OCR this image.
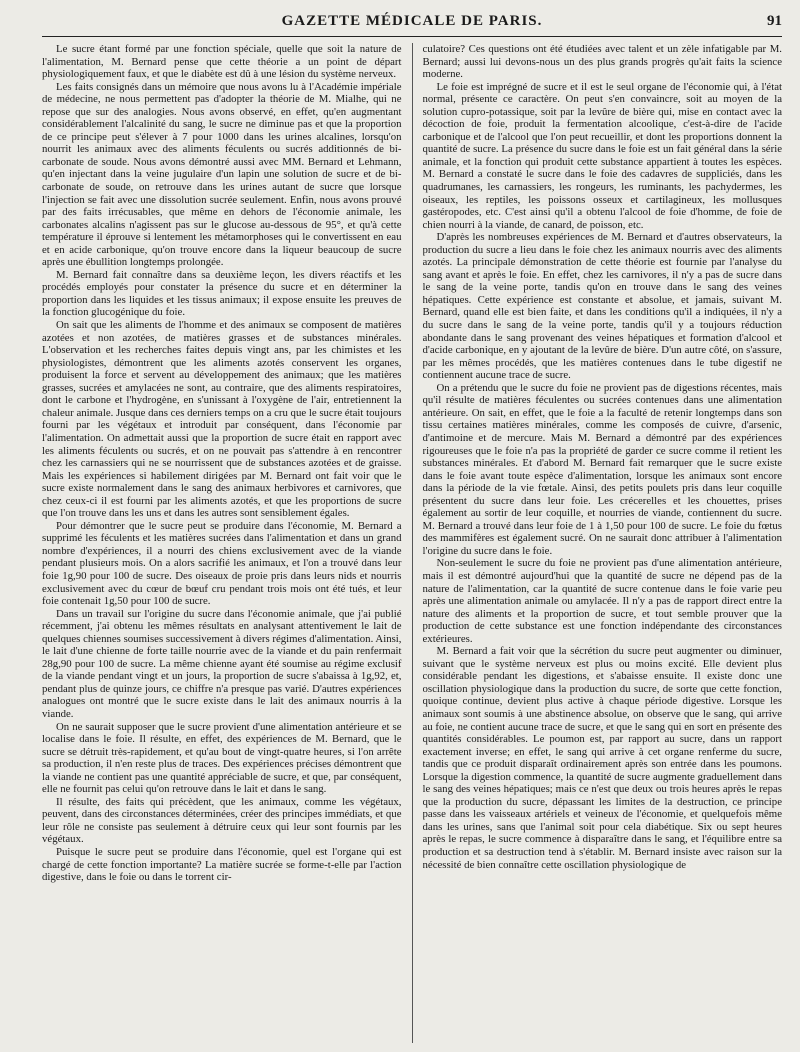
GAZETTE MÉDICALE DE PARIS.	91

Le sucre étant formé par une fonction spéciale, quelle que soit la nature de l'alimentation, M. Bernard pense que cette théorie a un point de départ physiologiquement faux, et que le diabète est dû à une lésion du système nerveux.

Les faits consignés dans un mémoire que nous avons lu à l'Académie impériale de médecine, ne nous permettent pas d'adopter la théorie de M. Mialhe, qui ne repose que sur des analogies. Nous avons observé, en effet, qu'en augmentant considérablement l'alcalinité du sang, le sucre ne diminue pas et que la proportion de ce principe peut s'élever à 7 pour 1000 dans les urines alcalines, lorsqu'on nourrit les animaux avec des aliments féculents ou sucrés additionnés de bi-carbonate de soude. Nous avons démontré aussi avec MM. Bernard et Lehmann, qu'en injectant dans la veine jugulaire d'un lapin une solution de sucre et de bi-carbonate de soude, on retrouve dans les urines autant de sucre que lorsque l'injection se fait avec une dissolution sucrée seulement. Enfin, nous avons prouvé par des faits irrécusables, que même en dehors de l'économie animale, les carbonates alcalins n'agissent pas sur le glucose au-dessous de 95°, et qu'à cette température il éprouve si lentement les métamorphoses qui le convertissent en eau et en acide carbonique, qu'on trouve encore dans la liqueur beaucoup de sucre après une ébullition longtemps prolongée.

M. Bernard fait connaître dans sa deuxième leçon, les divers réactifs et les procédés employés pour constater la présence du sucre et en déterminer la proportion dans les liquides et les tissus animaux; il expose ensuite les preuves de la fonction glucogénique du foie.

On sait que les aliments de l'homme et des animaux se composent de matières azotées et non azotées, de matières grasses et de substances minérales. L'observation et les recherches faites depuis vingt ans, par les chimistes et les physiologistes, démontrent que les aliments azotés conservent les organes, produisent la force et servent au développement des animaux; que les matières grasses, sucrées et amylacées ne sont, au contraire, que des aliments respiratoires, dont le carbone et l'hydrogène, en s'unissant à l'oxygène de l'air, entretiennent la chaleur animale. Jusque dans ces derniers temps on a cru que le sucre était toujours fourni par les végétaux et introduit par conséquent, dans l'économie par l'alimentation. On admettait aussi que la proportion de sucre était en rapport avec les aliments féculents ou sucrés, et on ne pouvait pas s'attendre à en rencontrer chez les carnassiers qui ne se nourrissent que de substances azotées et de graisse. Mais les expériences si habilement dirigées par M. Bernard ont fait voir que le sucre existe normalement dans le sang des animaux herbivores et carnivores, que chez ceux-ci il est fourni par les aliments azotés, et que les proportions de sucre que l'on trouve dans les uns et dans les autres sont sensiblement égales.

Pour démontrer que le sucre peut se produire dans l'économie, M. Bernard a supprimé les féculents et les matières sucrées dans l'alimentation et dans un grand nombre d'expériences, il a nourri des chiens exclusivement avec de la viande pendant plusieurs mois. On a alors sacrifié les animaux, et l'on a trouvé dans leur foie 1g,90 pour 100 de sucre. Des oiseaux de proie pris dans leurs nids et nourris exclusivement avec du cœur de bœuf cru pendant trois mois ont été tués, et leur foie contenait 1g,50 pour 100 de sucre.

Dans un travail sur l'origine du sucre dans l'économie animale, que j'ai publié récemment, j'ai obtenu les mêmes résultats en analysant attentivement le lait de quelques chiennes soumises successivement à divers régimes d'alimentation. Ainsi, le lait d'une chienne de forte taille nourrie avec de la viande et du pain renfermait 28g,90 pour 100 de sucre. La même chienne ayant été soumise au régime exclusif de la viande pendant vingt et un jours, la proportion de sucre s'abaissa à 1g,92, et, pendant plus de quinze jours, ce chiffre n'a presque pas varié. D'autres expériences analogues ont montré que le sucre existe dans le lait des animaux nourris à la viande.

On ne saurait supposer que le sucre provient d'une alimentation antérieure et se localise dans le foie. Il résulte, en effet, des expériences de M. Bernard, que le sucre se détruit très-rapidement, et qu'au bout de vingt-quatre heures, si l'on arrête sa production, il n'en reste plus de traces. Des expériences précises démontrent que la viande ne contient pas une quantité appréciable de sucre, et que, par conséquent, elle ne fournit pas celui qu'on retrouve dans le lait et dans le sang.

Il résulte, des faits qui précèdent, que les animaux, comme les végétaux, peuvent, dans des circonstances déterminées, créer des principes immédiats, et que leur rôle ne consiste pas seulement à détruire ceux qui leur sont fournis par les végétaux.

Puisque le sucre peut se produire dans l'économie, quel est l'organe qui est chargé de cette fonction importante? La matière sucrée se forme-t-elle par l'action digestive, dans le foie ou dans le torrent cir-

culatoire? Ces questions ont été étudiées avec talent et un zèle infatigable par M. Bernard; aussi lui devons-nous un des plus grands progrès qu'ait faits la science moderne.

Le foie est imprégné de sucre et il est le seul organe de l'économie qui, à l'état normal, présente ce caractère. On peut s'en convaincre, soit au moyen de la solution cupro-potassique, soit par la levûre de bière qui, mise en contact avec la décoction de foie, produit la fermentation alcoolique, c'est-à-dire de l'acide carbonique et de l'alcool que l'on peut recueillir, et dont les proportions donnent la quantité de sucre. La présence du sucre dans le foie est un fait général dans la série animale, et la fonction qui produit cette substance appartient à toutes les espèces. M. Bernard a constaté le sucre dans le foie des cadavres de suppliciés, dans les quadrumanes, les carnassiers, les rongeurs, les ruminants, les pachydermes, les oiseaux, les reptiles, les poissons osseux et cartilagineux, les mollusques gastéropodes, etc. C'est ainsi qu'il a obtenu l'alcool de foie d'homme, de foie de chien nourri à la viande, de canard, de poisson, etc.

D'après les nombreuses expériences de M. Bernard et d'autres observateurs, la production du sucre a lieu dans le foie chez les animaux nourris avec des aliments azotés. La principale démonstration de cette théorie est fournie par l'analyse du sang avant et après le foie. En effet, chez les carnivores, il n'y a pas de sucre dans le sang de la veine porte, tandis qu'on en trouve dans le sang des veines hépatiques. Cette expérience est constante et absolue, et jamais, suivant M. Bernard, quand elle est bien faite, et dans les conditions qu'il a indiquées, il n'y a du sucre dans le sang de la veine porte, tandis qu'il y a toujours réduction abondante dans le sang provenant des veines hépatiques et formation d'alcool et d'acide carbonique, en y ajoutant de la levûre de bière. D'un autre côté, on s'assure, par les mêmes procédés, que les matières contenues dans le tube digestif ne contiennent aucune trace de sucre.

On a prétendu que le sucre du foie ne provient pas de digestions récentes, mais qu'il résulte de matières féculentes ou sucrées contenues dans une alimentation antérieure. On sait, en effet, que le foie a la faculté de retenir longtemps dans son tissu certaines matières minérales, comme les composés de cuivre, d'arsenic, d'antimoine et de mercure. Mais M. Bernard a démontré par des expériences rigoureuses que le foie n'a pas la propriété de garder ce sucre comme il retient les substances minérales. Et d'abord M. Bernard fait remarquer que le sucre existe dans le foie avant toute espèce d'alimentation, lorsque les animaux sont encore dans la période de la vie fœtale. Ainsi, des petits poulets pris dans leur coquille présentent du sucre dans leur foie. Les crécerelles et les chouettes, prises également au sortir de leur coquille, et nourries de viande, contiennent du sucre. M. Bernard a trouvé dans leur foie de 1 à 1,50 pour 100 de sucre. Le foie du fœtus des mammifères est également sucré. On ne saurait donc attribuer à l'alimentation l'origine du sucre dans le foie.

Non-seulement le sucre du foie ne provient pas d'une alimentation antérieure, mais il est démontré aujourd'hui que la quantité de sucre ne dépend pas de la nature de l'alimentation, car la quantité de sucre contenue dans le foie varie peu après une alimentation animale ou amylacée. Il n'y a pas de rapport direct entre la nature des aliments et la proportion de sucre, et tout semble prouver que la production de cette substance est une fonction indépendante des circonstances extérieures.

M. Bernard a fait voir que la sécrétion du sucre peut augmenter ou diminuer, suivant que le système nerveux est plus ou moins excité. Elle devient plus considérable pendant les digestions, et s'abaisse ensuite. Il existe donc une oscillation physiologique dans la production du sucre, de sorte que cette fonction, quoique continue, devient plus active à chaque période digestive. Lorsque les animaux sont soumis à une abstinence absolue, on observe que le sang, qui arrive au foie, ne contient aucune trace de sucre, et que le sang qui en sort en présente des quantités considérables. Le poumon est, par rapport au sucre, dans un rapport exactement inverse; en effet, le sang qui arrive à cet organe renferme du sucre, tandis que ce produit disparaît ordinairement après son entrée dans les poumons. Lorsque la digestion commence, la quantité de sucre augmente graduellement dans le sang des veines hépatiques; mais ce n'est que deux ou trois heures après le repas que la production du sucre, dépassant les limites de la destruction, ce principe passe dans les vaisseaux artériels et veineux de l'économie, et quelquefois même dans les urines, sans que l'animal soit pour cela diabétique. Six ou sept heures après le repas, le sucre commence à disparaître dans le sang, et l'équilibre entre sa production et sa destruction tend à s'établir. M. Bernard insiste avec raison sur la nécessité de bien connaître cette oscillation physiologique de
